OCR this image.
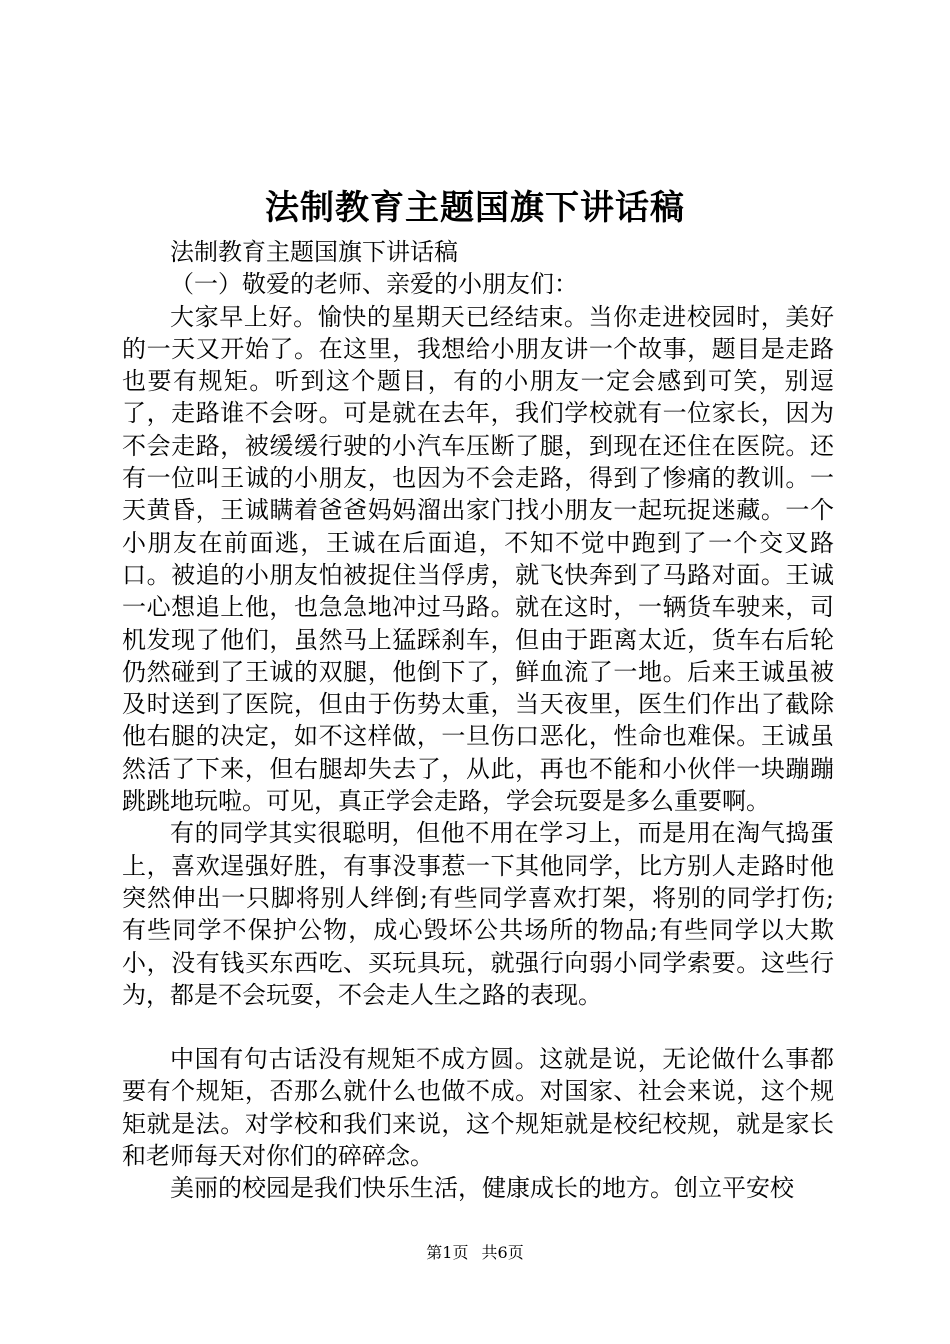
法制教育主题国旗下讲话稿

法制教育主题国旗下讲话稿

（一）敬爱的老师、亲爱的小朋友们：

大家早上好。愉快的星期天已经结束。当你走进校园时，美好的一天又开始了。在这里，我想给小朋友讲一个故事，题目是走路也要有规矩。听到这个题目，有的小朋友一定会感到可笑，别逗了，走路谁不会呀。可是就在去年，我们学校就有一位家长，因为不会走路，被缓缓行驶的小汽车压断了腿，到现在还住在医院。还有一位叫王诚的小朋友，也因为不会走路，得到了惨痛的教训。一天黄昏，王诚瞒着爸爸妈妈溜出家门找小朋友一起玩捉迷藏。一个小朋友在前面逃，王诚在后面追，不知不觉中跑到了一个交叉路口。被追的小朋友怕被捉住当俘虏，就飞快奔到了马路对面。王诚一心想追上他，也急急地冲过马路。就在这时，一辆货车驶来，司机发现了他们，虽然马上猛踩刹车，但由于距离太近，货车右后轮仍然碰到了王诚的双腿，他倒下了，鲜血流了一地。后来王诚虽被及时送到了医院，但由于伤势太重，当天夜里，医生们作出了截除他右腿的决定，如不这样做，一旦伤口恶化，性命也难保。王诚虽然活了下来，但右腿却失去了，从此，再也不能和小伙伴一块蹦蹦跳跳地玩啦。可见，真正学会走路，学会玩耍是多么重要啊。

有的同学其实很聪明，但他不用在学习上，而是用在淘气捣蛋上，喜欢逞强好胜，有事没事惹一下其他同学，比方别人走路时他突然伸出一只脚将别人绊倒;有些同学喜欢打架，将别的同学打伤;有些同学不保护公物，成心毁坏公共场所的物品;有些同学以大欺小，没有钱买东西吃、买玩具玩，就强行向弱小同学索要。这些行为，都是不会玩耍，不会走人生之路的表现。

中国有句古话没有规矩不成方圆。这就是说，无论做什么事都要有个规矩，否那么就什么也做不成。对国家、社会来说，这个规矩就是法。对学校和我们来说，这个规矩就是校纪校规，就是家长和老师每天对你们的碎碎念。

美丽的校园是我们快乐生活，健康成长的地方。创立平安校

第1页 共6页
